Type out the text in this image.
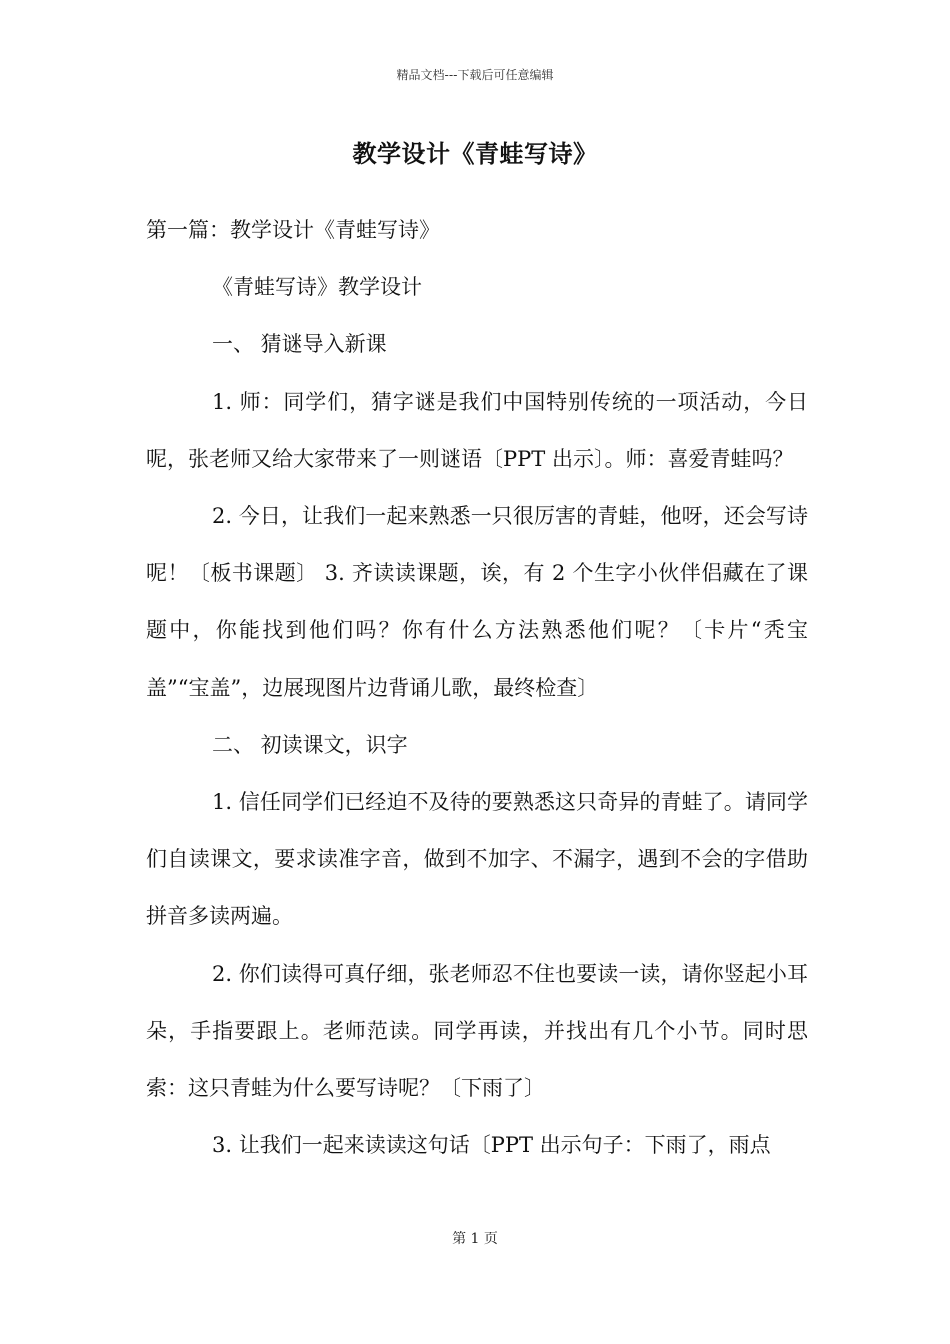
精品文档---下载后可任意编辑
教学设计《青蛙写诗》

第一篇：教学设计《青蛙写诗》

《青蛙写诗》教学设计

一、 猜谜导入新课

1. 师：同学们，猜字谜是我们中国特别传统的一项活动，今日呢，张老师又给大家带来了一则谜语〔PPT 出示〕。师：喜爱青蛙吗？

2. 今日，让我们一起来熟悉一只很厉害的青蛙，他呀，还会写诗呢！〔板书课题〕 3. 齐读读课题，诶，有 2 个生字小伙伴侣藏在了课题中，你能找到他们吗？你有什么方法熟悉他们呢？〔卡片“秃宝盖”“宝盖”，边展现图片边背诵儿歌，最终检查〕

二、 初读课文，识字

1. 信任同学们已经迫不及待的要熟悉这只奇异的青蛙了。请同学们自读课文，要求读准字音，做到不加字、不漏字，遇到不会的字借助拼音多读两遍。

2. 你们读得可真仔细，张老师忍不住也要读一读，请你竖起小耳朵，手指要跟上。老师范读。同学再读，并找出有几个小节。同时思索：这只青蛙为什么要写诗呢？〔下雨了〕

3. 让我们一起来读读这句话〔PPT 出示句子：下雨了，雨点

第 1 页
